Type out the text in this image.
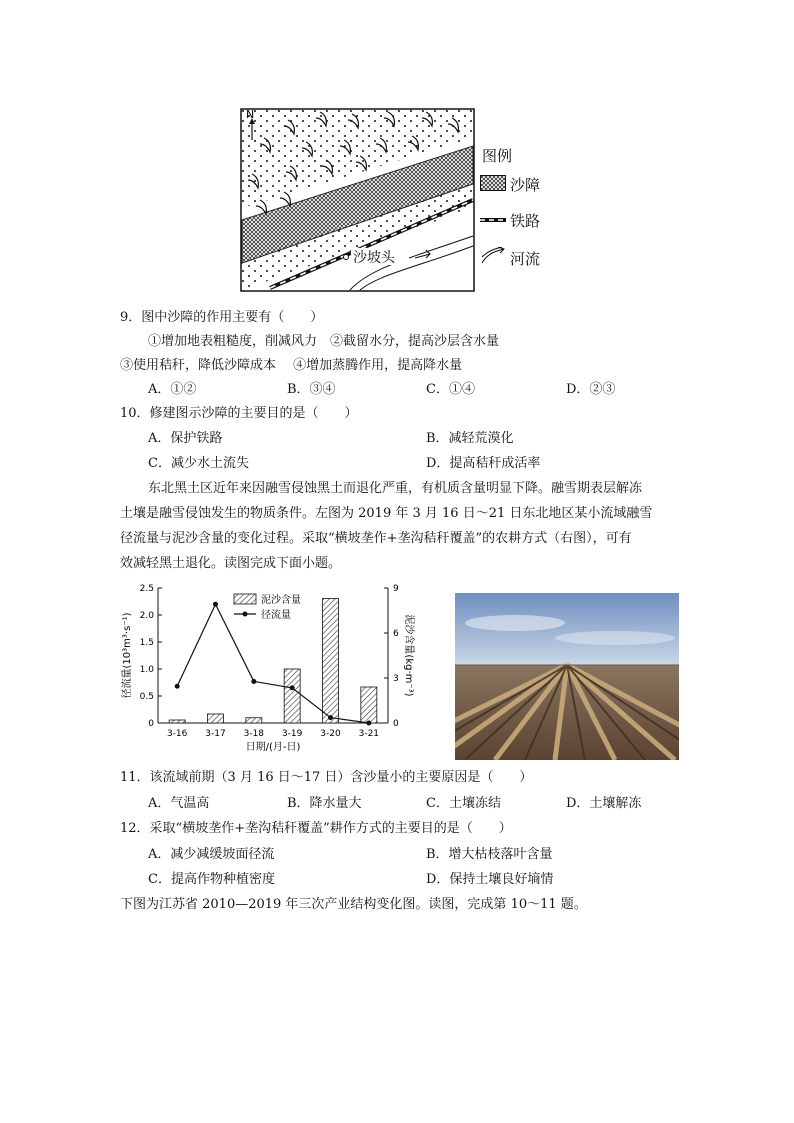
N
沙坡头
图例
沙障
铁路
河流
9．图中沙障的作用主要有（　　）
①增加地表粗糙度，削减风力　②截留水分，提高沙层含水量
③使用秸秆，降低沙障成本　 ④增加蒸腾作用，提高降水量
A．①②	B．③④	C．①④	D．②③
10．修建图示沙障的主要目的是（　　）
A．保护铁路	B．减轻荒漠化
C．减少水土流失	D．提高秸秆成活率
东北黑土区近年来因融雪侵蚀黑土而退化严重，有机质含量明显下降。融雪期表层解冻
土壤是融雪侵蚀发生的物质条件。左图为 2019 年 3 月 16 日～21 日东北地区某小流域融雪
径流量与泥沙含量的变化过程。采取“横坡垄作+垄沟秸秆覆盖”的农耕方式（右图），可有
效减轻黑土退化。读图完成下面小题。
0
0.5
1.0
1.5
2.0
2.5
0
3
6
9
3-16 3-17 3-18 3-19 3-20 3-21
日期/(月-日)
径流量(10³m³·s⁻¹)	泥沙含量(kg·m⁻³)
泥沙含量
径流量
11．该流域前期（3 月 16 日～17 日）含沙量小的主要原因是（　　）
A．气温高	B．降水量大	C．土壤冻结	D．土壤解冻
12．采取“横坡垄作+垄沟秸秆覆盖”耕作方式的主要目的是（　　）
A．减少减缓坡面径流	B．增大枯枝落叶含量
C．提高作物种植密度	D．保持土壤良好墒情
下图为江苏省 2010—2019 年三次产业结构变化图。读图，完成第 10～11 题。
